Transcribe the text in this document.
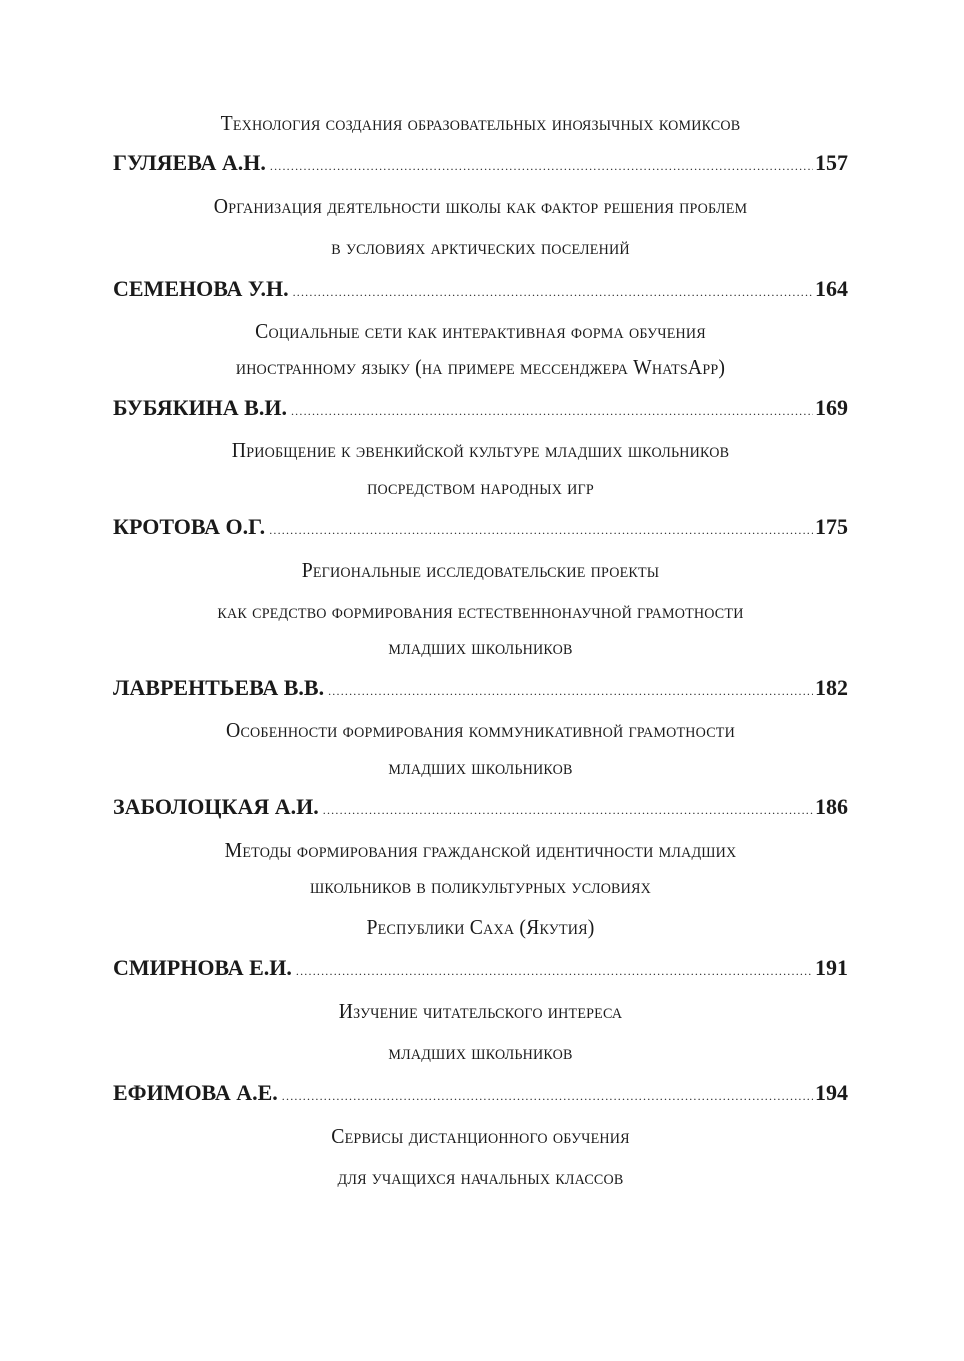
Технология создания образовательных иноязычных комиксов
ГУЛЯЕВА А.Н. .....	157
Организация деятельности школы как фактор решения проблем
в условиях арктических поселений
СЕМЕНОВА У.Н. .....	164
Социальные сети как интерактивная форма обучения
иностранному языку (на примере мессенджера WhatsApp)
БУБЯКИНА В.И. .....	169
Приобщение к эвенкийской культуре младших школьников
посредством народных игр
КРОТОВА О.Г. .....	175
Региональные исследовательские проекты
как средство формирования естественнонаучной грамотности
младших школьников
ЛАВРЕНТЬЕВА В.В. .....	182
Особенности формирования коммуникативной грамотности
младших школьников
ЗАБОЛОЦКАЯ А.И. .....	186
Методы формирования гражданской идентичности младших
школьников в поликультурных условиях
Республики Саха (Якутия)
СМИРНОВА Е.И. .....	191
Изучение читательского интереса
младших школьников
ЕФИМОВА А.Е. .....	194
Сервисы дистанционного обучения
для учащихся начальных классов
